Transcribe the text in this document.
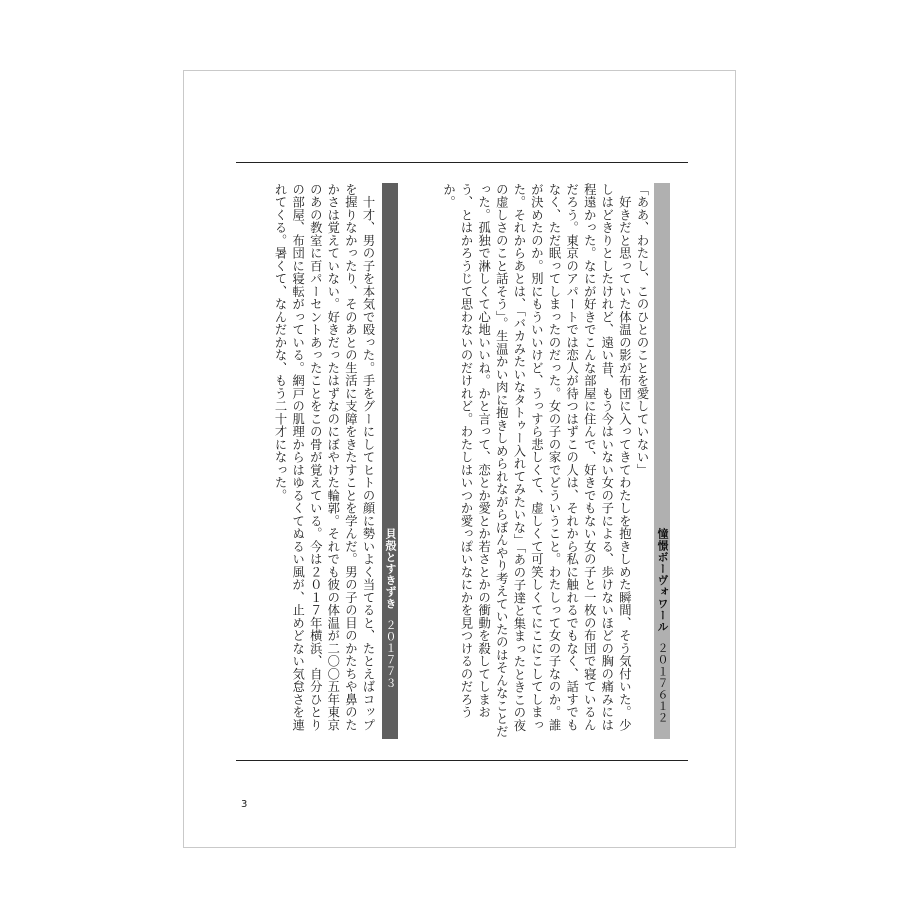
憧憬ボーヴォワール２０１７６１２

「ああ、わたし、このひとのことを愛していない」

　好きだと思っていた体温の影が布団に入ってきてわたしを抱きしめた瞬間、そう気付いた。少しはどきりとしたけれど、遠い昔、もう今はいない女の子による、歩けないほどの胸の痛みには程遠かった。なにが好きでこんな部屋に住んで、好きでもない女の子と一枚の布団で寝ているんだろう。東京のアパートでは恋人が待つはずこの人は、それから私に触れるでもなく、話すでもなく、ただ眠ってしまったのだった。女の子の家でどういうこと。わたしって女の子なのか。誰が決めたのか。別にもういいけど、うっすら悲しくて、虚しくて可笑しくてにこにこしてしまった。それからあとは、「バカみたいなタトゥー入れてみたいな」「あの子達と集まったときこの夜の虚しさのこと話そう」。生温かい肉に抱きしめられながらぼんやり考えていたのはそんなことだった。孤独で淋しくて心地いいね。かと言って、恋とか愛とか若さとかの衝動を殺してしまおう、とはかろうじて思わないのだけれど。わたしはいつか愛っぽいなにかを見つけるのだろうか。

貝殻とすきずき２０１７７３

　十才、男の子を本気で殴った。手をグーにしてヒトの顔に勢いよく当てると、たとえばコップを握りなかったり、そのあとの生活に支障をきたすことを学んだ。男の子の目のかたちや鼻のたかさは覚えていない。好きだったはずなのにぼやけた輪郭。それでも彼の体温が二〇〇五年東京のあの教室に百パーセントあったことをこの骨が覚えている。今は２０１７年横浜、自分ひとりの部屋、布団に寝転がっている。網戸の肌理からはゆるくてぬるい風が、止めどない気怠さを連れてくる。暑くて、なんだかな、もう二十才になった。

3
